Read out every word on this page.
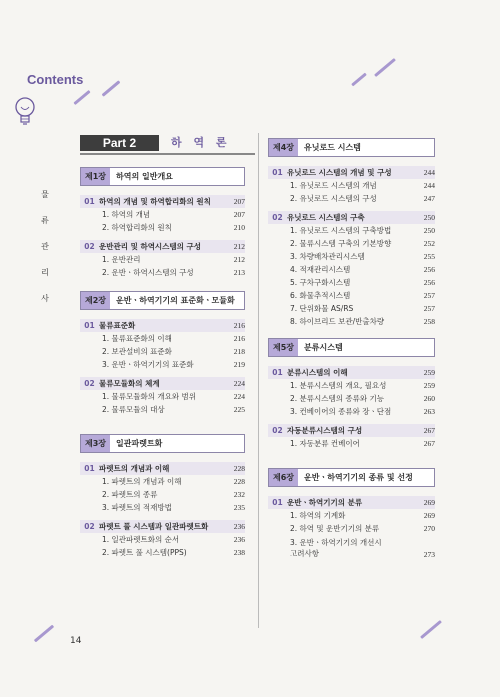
Contents
물
류
관
리
사
Part 2	하 역 론
제1장	하역의 일반개요
01 하역의 개념 및 하역합리화의 원칙	207
1. 하역의 개념	207
2. 하역합리화의 원칙	210
02 운반관리 및 하역시스템의 구성	212
1. 운반관리	212
2. 운반ㆍ하역시스템의 구성	213
제2장	운반ㆍ하역기기의 표준화ㆍ모듈화
01 물류표준화	216
1. 물류표준화의 이해	216
2. 보관설비의 표준화	218
3. 운반ㆍ하역기기의 표준화	219
02 물류모듈화의 체계	224
1. 물류모듈화의 개요와 범위	224
2. 물류모듈의 대상	225
제3장	일관파렛트화
01 파렛트의 개념과 이해	228
1. 파렛트의 개념과 이해	228
2. 파렛트의 종류	232
3. 파렛트의 적재방법	235
02 파렛트 풀 시스템과 일관파렛트화	236
1. 일관파렛트화의 순서	236
2. 파렛트 풀 시스템(PPS)	238
제4장	유닛로드 시스템
01 유닛로드 시스템의 개념 및 구성	244
1. 유닛로드 시스템의 개념	244
2. 유닛로드 시스템의 구성	247
02 유닛로드 시스템의 구축	250
1. 유닛로드 시스템의 구축방법	250
2. 물류시스템 구축의 기본방향	252
3. 차량배차관리시스템	255
4. 적재관리시스템	256
5. 구차구화시스템	256
6. 화물추적시스템	257
7. 단위화물 AS/RS	257
8. 하이브리드 보관/반출차량	258
제5장	분류시스템
01 분류시스템의 이해	259
1. 분류시스템의 개요, 필요성	259
2. 분류시스템의 종류와 기능	260
3. 컨베이어의 종류와 장ㆍ단점	263
02 자동분류시스템의 구성	267
1. 자동분류 컨베이어	267
제6장	운반ㆍ하역기기의 종류 및 선정
01 운반ㆍ하역기기의 분류	269
1. 하역의 기계화	269
2. 하역 및 운반기기의 분류	270
3. 운반ㆍ하역기기의 개선시
고려사항	273
14
